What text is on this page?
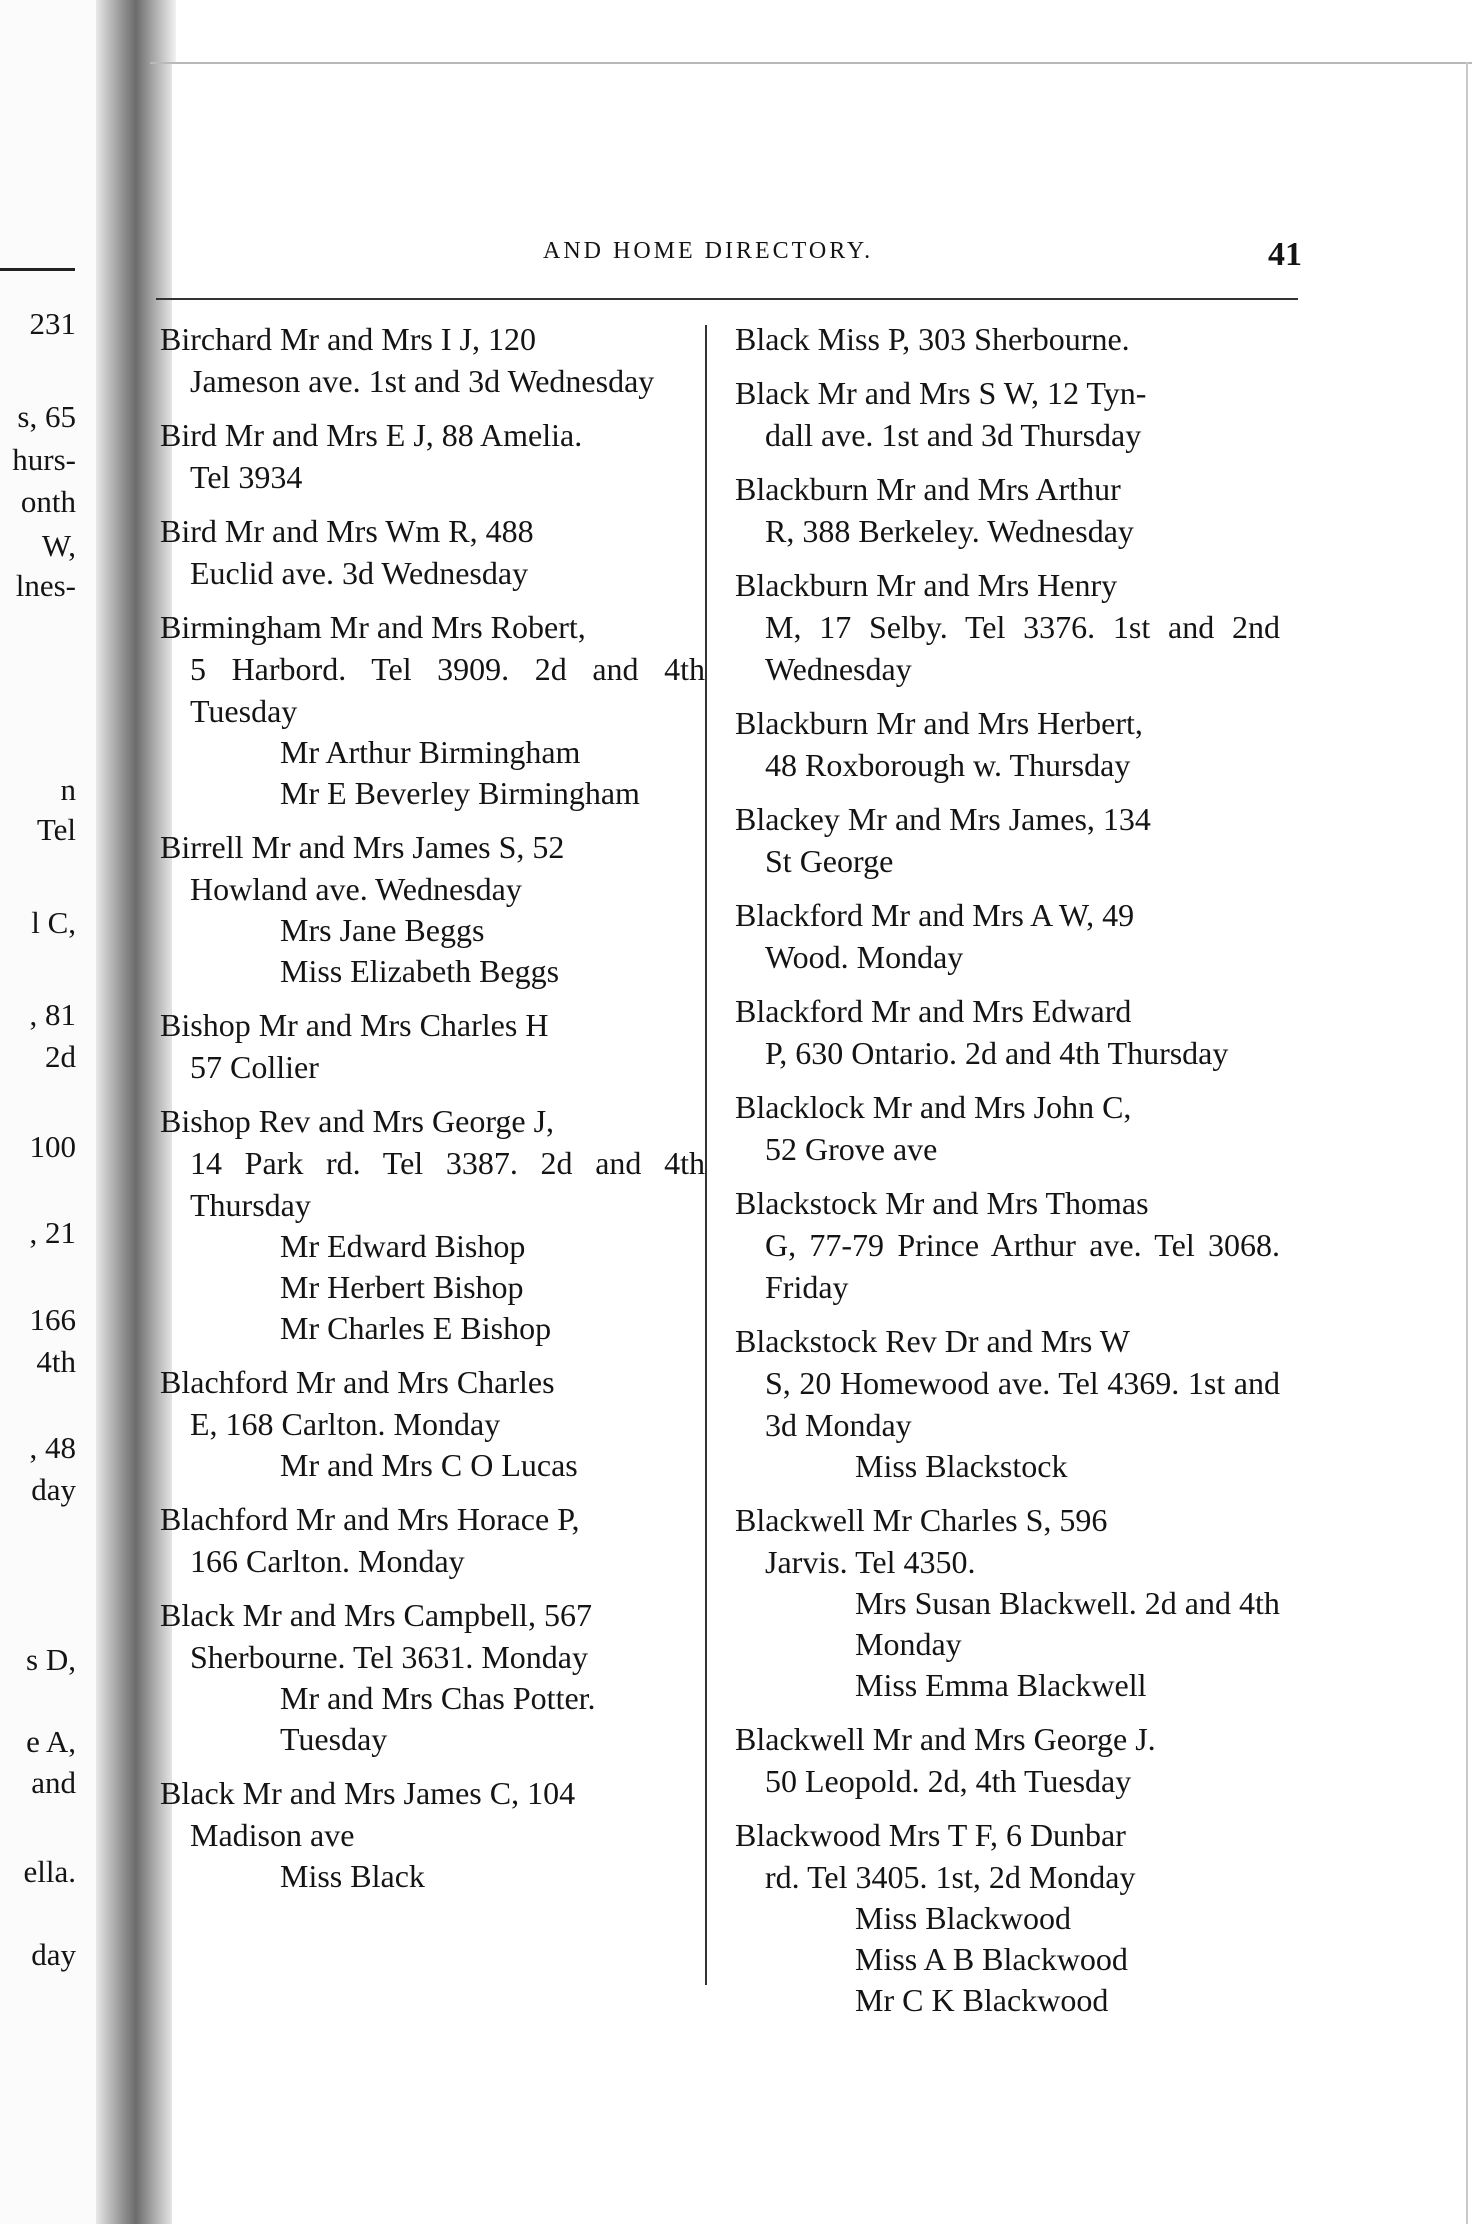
231
s, 65
hurs-
onth
W,
lnes-
n
Tel
l C,
, 81
2d
100
, 21
166
4th
, 48
day
s D,
e A,
and
ella.
day
AND HOME DIRECTORY.	41
Birchard Mr and Mrs I J, 120
Jameson ave. 1st and 3d Wednesday
Bird Mr and Mrs E J, 88 Amelia.
Tel 3934
Bird Mr and Mrs Wm R, 488
Euclid ave. 3d Wednesday
Birmingham Mr and Mrs Robert,
5 Harbord. Tel 3909. 2d and 4th Tuesday
Mr Arthur Birmingham
Mr E Beverley Birmingham
Birrell Mr and Mrs James S, 52
Howland ave. Wednesday
Mrs Jane Beggs
Miss Elizabeth Beggs
Bishop Mr and Mrs Charles H
57 Collier
Bishop Rev and Mrs George J,
14 Park rd. Tel 3387. 2d and 4th Thursday
Mr Edward Bishop
Mr Herbert Bishop
Mr Charles E Bishop
Blachford Mr and Mrs Charles
E, 168 Carlton. Monday
Mr and Mrs C O Lucas
Blachford Mr and Mrs Horace P,
166 Carlton. Monday
Black Mr and Mrs Campbell, 567
Sherbourne. Tel 3631. Monday
Mr and Mrs Chas Potter. Tuesday
Black Mr and Mrs James C, 104
Madison ave
Miss Black
Black Miss P, 303 Sherbourne.
Black Mr and Mrs S W, 12 Tyn-
dall ave. 1st and 3d Thursday
Blackburn Mr and Mrs Arthur
R, 388 Berkeley. Wednesday
Blackburn Mr and Mrs Henry
M, 17 Selby. Tel 3376. 1st and 2nd Wednesday
Blackburn Mr and Mrs Herbert,
48 Roxborough w. Thursday
Blackey Mr and Mrs James, 134
St George
Blackford Mr and Mrs A W, 49
Wood. Monday
Blackford Mr and Mrs Edward
P, 630 Ontario. 2d and 4th Thursday
Blacklock Mr and Mrs John C,
52 Grove ave
Blackstock Mr and Mrs Thomas
G, 77-79 Prince Arthur ave. Tel 3068. Friday
Blackstock Rev Dr and Mrs W
S, 20 Homewood ave. Tel 4369. 1st and 3d Monday
Miss Blackstock
Blackwell Mr Charles S, 596
Jarvis. Tel 4350.
Mrs Susan Blackwell. 2d and 4th Monday
Miss Emma Blackwell
Blackwell Mr and Mrs George J.
50 Leopold. 2d, 4th Tuesday
Blackwood Mrs T F, 6 Dunbar
rd. Tel 3405. 1st, 2d Monday
Miss Blackwood
Miss A B Blackwood
Mr C K Blackwood
